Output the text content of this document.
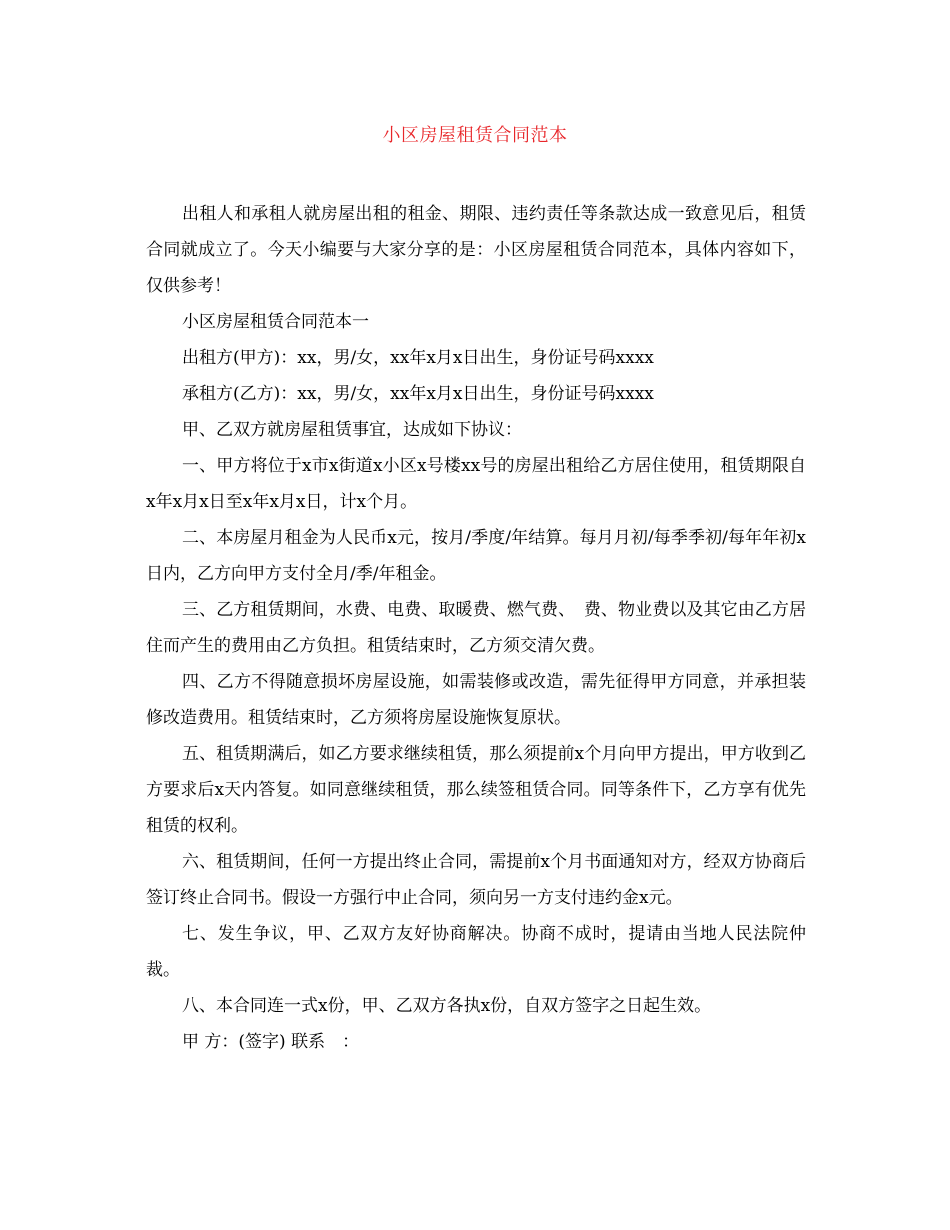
小区房屋租赁合同范本

出租人和承租人就房屋出租的租金、期限、违约责任等条款达成一致意见后，租赁合同就成立了。今天小编要与大家分享的是：小区房屋租赁合同范本，具体内容如下，仅供参考！

小区房屋租赁合同范本一

出租方(甲方)：xx，男/女，xx年x月x日出生，身份证号码xxxx

承租方(乙方)：xx，男/女，xx年x月x日出生，身份证号码xxxx

甲、乙双方就房屋租赁事宜，达成如下协议：

一、甲方将位于x市x街道x小区x号楼xx号的房屋出租给乙方居住使用，租赁期限自x年x月x日至x年x月x日，计x个月。

二、本房屋月租金为人民币x元，按月/季度/年结算。每月月初/每季季初/每年年初x日内，乙方向甲方支付全月/季/年租金。

三、乙方租赁期间，水费、电费、取暖费、燃气费、　费、物业费以及其它由乙方居住而产生的费用由乙方负担。租赁结束时，乙方须交清欠费。

四、乙方不得随意损坏房屋设施，如需装修或改造，需先征得甲方同意，并承担装修改造费用。租赁结束时，乙方须将房屋设施恢复原状。

五、租赁期满后，如乙方要求继续租赁，那么须提前x个月向甲方提出，甲方收到乙方要求后x天内答复。如同意继续租赁，那么续签租赁合同。同等条件下，乙方享有优先租赁的权利。

六、租赁期间，任何一方提出终止合同，需提前x个月书面通知对方，经双方协商后签订终止合同书。假设一方强行中止合同，须向另一方支付违约金x元。

七、发生争议，甲、乙双方友好协商解决。协商不成时，提请由当地人民法院仲裁。

八、本合同连一式x份，甲、乙双方各执x份，自双方签字之日起生效。

甲 方：(签字) 联系　：
